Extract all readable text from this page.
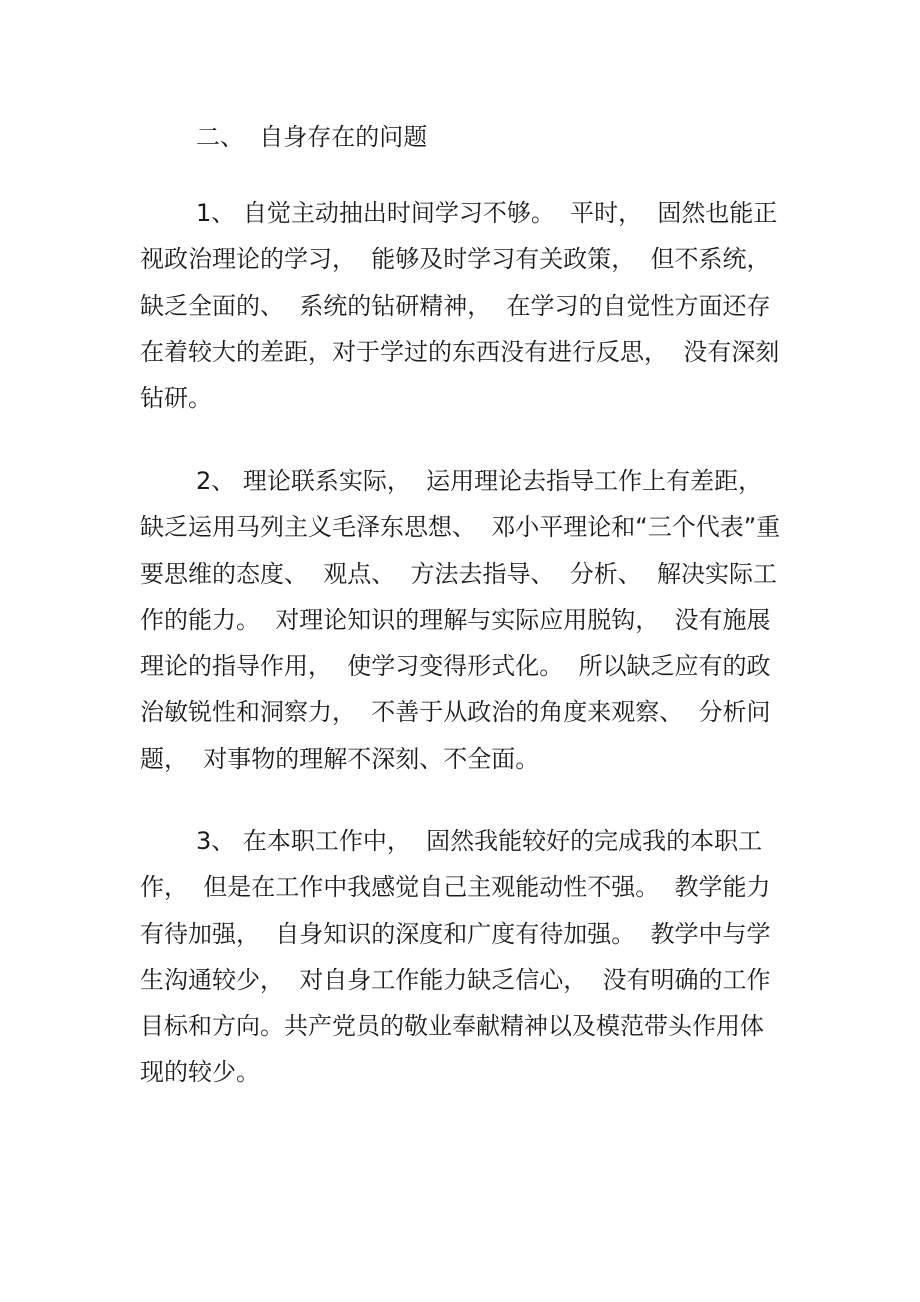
二、  自身存在的问题

1、 自觉主动抽出时间学习不够。  平时，  固然也能正
视政治理论的学习，  能够及时学习有关政策，  但不系统，
缺乏全面的、  系统的钻研精神，  在学习的自觉性方面还存
在着较大的差距，对于学过的东西没有进行反思，  没有深刻
钻研。

2、 理论联系实际，  运用理论去指导工作上有差距，
缺乏运用马列主义毛泽东思想、  邓小平理论和“三个代表”重
要思维的态度、  观点、  方法去指导、  分析、  解决实际工
作的能力。  对理论知识的理解与实际应用脱钩，  没有施展
理论的指导作用，  使学习变得形式化。  所以缺乏应有的政
治敏锐性和洞察力，  不善于从政治的角度来观察、  分析问
题，  对事物的理解不深刻、不全面。

3、 在本职工作中，  固然我能较好的完成我的本职工
作，  但是在工作中我感觉自己主观能动性不强。  教学能力
有待加强，  自身知识的深度和广度有待加强。  教学中与学
生沟通较少，  对自身工作能力缺乏信心，  没有明确的工作
目标和方向。共产党员的敬业奉献精神以及模范带头作用体
现的较少。
